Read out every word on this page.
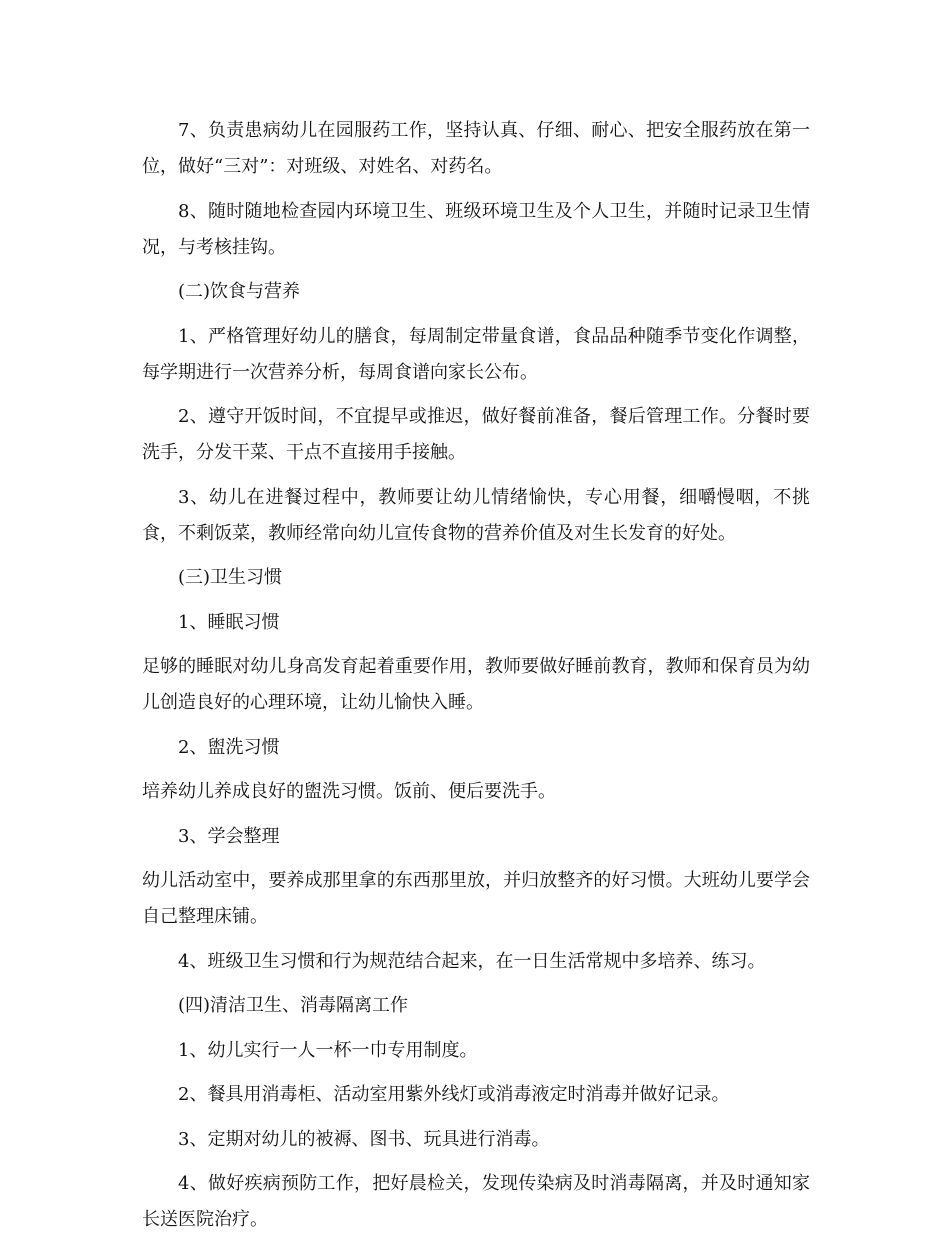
7、负责患病幼儿在园服药工作，坚持认真、仔细、耐心、把安全服药放在第一位，做好“三对”：对班级、对姓名、对药名。

8、随时随地检查园内环境卫生、班级环境卫生及个人卫生，并随时记录卫生情况，与考核挂钩。

(二)饮食与营养

1、严格管理好幼儿的膳食，每周制定带量食谱，食品品种随季节变化作调整，每学期进行一次营养分析，每周食谱向家长公布。

2、遵守开饭时间，不宜提早或推迟，做好餐前准备，餐后管理工作。分餐时要洗手，分发干菜、干点不直接用手接触。

3、幼儿在进餐过程中，教师要让幼儿情绪愉快，专心用餐，细嚼慢咽，不挑食，不剩饭菜，教师经常向幼儿宣传食物的营养价值及对生长发育的好处。

(三)卫生习惯

1、睡眠习惯

足够的睡眠对幼儿身高发育起着重要作用，教师要做好睡前教育，教师和保育员为幼儿创造良好的心理环境，让幼儿愉快入睡。

2、盥洗习惯

培养幼儿养成良好的盥洗习惯。饭前、便后要洗手。

3、学会整理

幼儿活动室中，要养成那里拿的东西那里放，并归放整齐的好习惯。大班幼儿要学会自己整理床铺。

4、班级卫生习惯和行为规范结合起来，在一日生活常规中多培养、练习。

(四)清洁卫生、消毒隔离工作

1、幼儿实行一人一杯一巾专用制度。

2、餐具用消毒柜、活动室用紫外线灯或消毒液定时消毒并做好记录。

3、定期对幼儿的被褥、图书、玩具进行消毒。

4、做好疾病预防工作，把好晨检关，发现传染病及时消毒隔离，并及时通知家长送医院治疗。
